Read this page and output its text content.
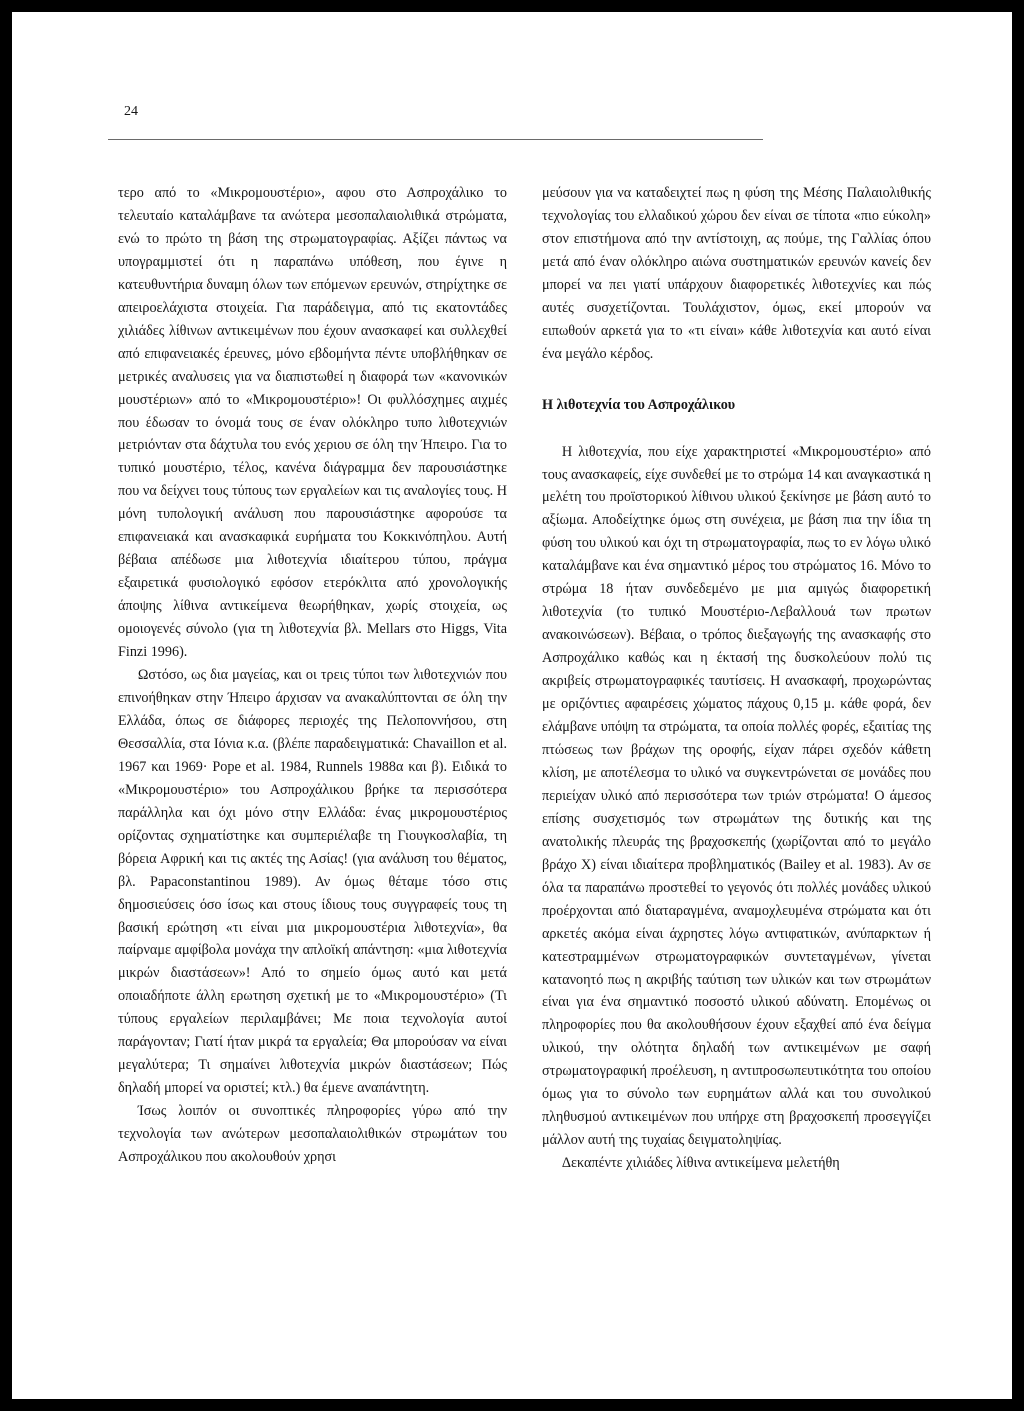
24

τερο από το «Μικρομουστέριο», αφου στο Ασπροχάλικο το τελευταίο καταλάμβανε τα ανώτερα μεσοπαλαιολιθικά στρώματα, ενώ το πρώτο τη βάση της στρωματογραφίας. Αξίζει πάντως να υπογραμμιστεί ότι η παραπάνω υπόθεση, που έγινε η κατευθυντήρια δυναμη όλων των επόμενων ερευνών, στηρίχτηκε σε απειροελάχιστα στοιχεία. Για παράδειγμα, από τις εκατοντάδες χιλιάδες λίθινων αντικειμένων που έχουν ανασκαφεί και συλλεχθεί από επιφανειακές έρευνες, μόνο εβδομήντα πέντε υποβλήθηκαν σε μετρικές αναλυσεις για να διαπιστωθεί η διαφορά των «κανονικών μουστέριων» από το «Μικρομουστέριο»! Οι φυλλόσχημες αιχμές που έδωσαν το όνομά τους σε έναν ολόκληρο τυπο λιθοτεχνιών μετριόνταν στα δάχτυλα του ενός χεριου σε όλη την Ήπειρο. Για το τυπικό μουστέριο, τέλος, κανένα διάγραμμα δεν παρουσιάστηκε που να δείχνει τους τύπους των εργαλείων και τις αναλογίες τους. Η μόνη τυπολογική ανάλυση που παρουσιάστηκε αφορούσε τα επιφανειακά και ανασκαφικά ευρήματα του Κοκκινόπηλου. Αυτή βέβαια απέδωσε μια λιθοτεχνία ιδιαίτερου τύπου, πράγμα εξαιρετικά φυσιολογικό εφόσον ετερόκλιτα από χρονολογικής άποψης λίθινα αντικείμενα θεωρήθηκαν, χωρίς στοιχεία, ως ομοιογενές σύνολο (για τη λιθοτεχνία βλ. Mellars στο Higgs, Vita Finzi 1996).

Ωστόσο, ως δια μαγείας, και οι τρεις τύποι των λιθοτεχνιών που επινοήθηκαν στην Ήπειρο άρχισαν να ανακαλύπτονται σε όλη την Ελλάδα, όπως σε διάφορες περιοχές της Πελοποννήσου, στη Θεσσαλλία, στα Ιόνια κ.α. (βλέπε παραδειγματικά: Chavaillon et al. 1967 και 1969· Pope et al. 1984, Runnels 1988α και β). Ειδικά το «Μικρομουστέριο» του Ασπροχάλικου βρήκε τα περισσότερα παράλληλα και όχι μόνο στην Ελλάδα: ένας μικρομουστέριος ορίζοντας σχηματίστηκε και συμπεριέλαβε τη Γιουγκοσλαβία, τη βόρεια Αφρική και τις ακτές της Ασίας! (για ανάλυση του θέματος, βλ. Papaconstantinou 1989). Αν όμως θέταμε τόσο στις δημοσιεύσεις όσο ίσως και στους ίδιους τους συγγραφείς τους τη βασική ερώτηση «τι είναι μια μικρομουστέρια λιθοτεχνία», θα παίρναμε αμφίβολα μονάχα την απλοϊκή απάντηση: «μια λιθοτεχνία μικρών διαστάσεων»! Από το σημείο όμως αυτό και μετά οποιαδήποτε άλλη ερωτηση σχετική με το «Μικρομουστέριο» (Τι τύπους εργαλείων περιλαμβάνει; Με ποια τεχνολογία αυτοί παράγονταν; Γιατί ήταν μικρά τα εργαλεία; Θα μπορούσαν να είναι μεγαλύτερα; Τι σημαίνει λιθοτεχνία μικρών διαστάσεων; Πώς δηλαδή μπορεί να οριστεί; κτλ.) θα έμενε αναπάντητη.

Ίσως λοιπόν οι συνοπτικές πληροφορίες γύρω από την τεχνολογία των ανώτερων μεσοπαλαιολιθικών στρωμάτων του Ασπροχάλικου που ακολουθούν χρησι

μεύσουν για να καταδειχτεί πως η φύση της Μέσης Παλαιολιθικής τεχνολογίας του ελλαδικού χώρου δεν είναι σε τίποτα «πιο εύκολη» στον επιστήμονα από την αντίστοιχη, ας πούμε, της Γαλλίας όπου μετά από έναν ολόκληρο αιώνα συστηματικών ερευνών κανείς δεν μπορεί να πει γιατί υπάρχουν διαφορετικές λιθοτεχνίες και πώς αυτές συσχετίζονται. Τουλάχιστον, όμως, εκεί μπορούν να ειπωθούν αρκετά για το «τι είναι» κάθε λιθοτεχνία και αυτό είναι ένα μεγάλο κέρδος.

Η λιθοτεχνία του Ασπροχάλικου

Η λιθοτεχνία, που είχε χαρακτηριστεί «Μικρομουστέριο» από τους ανασκαφείς, είχε συνδεθεί με το στρώμα 14 και αναγκαστικά η μελέτη του προϊστορικού λίθινου υλικού ξεκίνησε με βάση αυτό το αξίωμα. Αποδείχτηκε όμως στη συνέχεια, με βάση πια την ίδια τη φύση του υλικού και όχι τη στρωματογραφία, πως το εν λόγω υλικό καταλάμβανε και ένα σημαντικό μέρος του στρώματος 16. Μόνο το στρώμα 18 ήταν συνδεδεμένο με μια αμιγώς διαφορετική λιθοτεχνία (το τυπικό Μουστέριο-Λεβαλλουά των πρωτων ανακοινώσεων). Βέβαια, ο τρόπος διεξαγωγής της ανασκαφής στο Ασπροχάλικο καθώς και η έκτασή της δυσκολεύουν πολύ τις ακριβείς στρωματογραφικές ταυτίσεις. Η ανασκαφή, προχωρώντας με οριζόντιες αφαιρέσεις χώματος πάχους 0,15 μ. κάθε φορά, δεν ελάμβανε υπόψη τα στρώματα, τα οποία πολλές φορές, εξαιτίας της πτώσεως των βράχων της οροφής, είχαν πάρει σχεδόν κάθετη κλίση, με αποτέλεσμα το υλικό να συγκεντρώνεται σε μονάδες που περιείχαν υλικό από περισσότερα των τριών στρώματα! Ο άμεσος επίσης συσχετισμός των στρωμάτων της δυτικής και της ανατολικής πλευράς της βραχοσκεπής (χωρίζονται από το μεγάλο βράχο Χ) είναι ιδιαίτερα προβληματικός (Bailey et al. 1983). Αν σε όλα τα παραπάνω προστεθεί το γεγονός ότι πολλές μονάδες υλικού προέρχονται από διαταραγμένα, αναμοχλευμένα στρώματα και ότι αρκετές ακόμα είναι άχρηστες λόγω αντιφατικών, ανύπαρκτων ή κατεστραμμένων στρωματογραφικών συντεταγμένων, γίνεται κατανοητό πως η ακριβής ταύτιση των υλικών και των στρωμάτων είναι για ένα σημαντικό ποσοστό υλικού αδύνατη. Επομένως οι πληροφορίες που θα ακολουθήσουν έχουν εξαχθεί από ένα δείγμα υλικού, την ολότητα δηλαδή των αντικειμένων με σαφή στρωματογραφική προέλευση, η αντιπροσωπευτικότητα του οποίου όμως για το σύνολο των ευρημάτων αλλά και του συνολικού πληθυσμού αντικειμένων που υπήρχε στη βραχοσκεπή προσεγγίζει μάλλον αυτή της τυχαίας δειγματοληψίας.

Δεκαπέντε χιλιάδες λίθινα αντικείμενα μελετήθη
